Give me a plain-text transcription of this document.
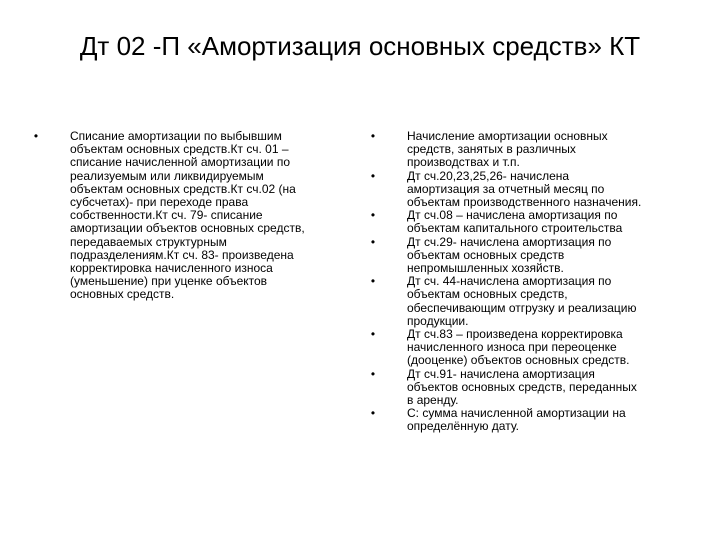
Дт 02 -П «Амортизация основных средств» КТ
•	Списание амортизации по выбывшим
объектам основных средств.Кт сч. 01 –
списание начисленной амортизации по
реализуемым или ликвидируемым
объектам основных средств.Кт сч.02 (на
субсчетах)- при переходе права
собственности.Кт сч. 79- списание
амортизации объектов основных средств,
передаваемых структурным
подразделениям.Кт сч. 83- произведена
корректировка начисленного износа
(уменьшение) при уценке объектов
основных средств.
•	Начисление амортизации основных
средств, занятых в различных
производствах и т.п.
•	Дт сч.20,23,25,26- начислена
амортизация за отчетный месяц по
объектам производственного назначения.
•	Дт сч.08 – начислена амортизация по
объектам капитального строительства
•	Дт сч.29- начислена амортизация по
объектам основных средств
непромышленных хозяйств.
•	Дт сч. 44-начислена амортизация по
объектам основных средств,
обеспечивающим отгрузку и реализацию
продукции.
•	Дт сч.83 – произведена корректировка
начисленного износа при переоценке
(дооценке) объектов основных средств.
•	Дт сч.91- начислена амортизация
объектов основных средств, переданных
в аренду.
•	С: сумма начисленной амортизации на
определённую дату.
